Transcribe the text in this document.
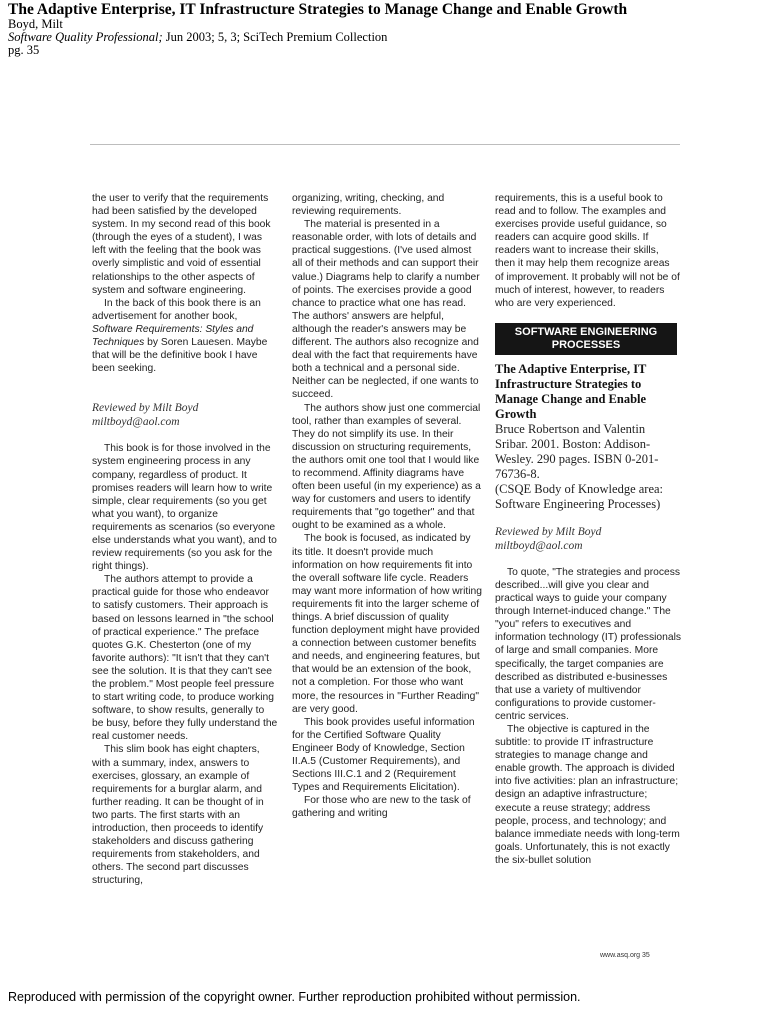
The Adaptive Enterprise, IT Infrastructure Strategies to Manage Change and Enable Growth
Boyd, Milt
Software Quality Professional; Jun 2003; 5, 3; SciTech Premium Collection
pg. 35

the user to verify that the requirements had been satisfied by the developed system. In my second read of this book (through the eyes of a student), I was left with the feeling that the book was overly simplistic and void of essential relationships to the other aspects of system and software engineering.

In the back of this book there is an advertisement for another book, Software Requirements: Styles and Techniques by Soren Lauesen. Maybe that will be the definitive book I have been seeking.

Reviewed by Milt Boyd
miltboyd@aol.com

This book is for those involved in the system engineering process in any company, regardless of product. It promises readers will learn how to write simple, clear requirements (so you get what you want), to organize requirements as scenarios (so everyone else understands what you want), and to review requirements (so you ask for the right things).

The authors attempt to provide a practical guide for those who endeavor to satisfy customers. Their approach is based on lessons learned in "the school of practical experience." The preface quotes G.K. Chesterton (one of my favorite authors): "It isn't that they can't see the solution. It is that they can't see the problem." Most people feel pressure to start writing code, to produce working software, to show results, generally to be busy, before they fully understand the real customer needs.

This slim book has eight chapters, with a summary, index, answers to exercises, glossary, an example of requirements for a burglar alarm, and further reading. It can be thought of in two parts. The first starts with an introduction, then proceeds to identify stakeholders and discuss gathering requirements from stakeholders, and others. The second part discusses structuring,

organizing, writing, checking, and reviewing requirements.

The material is presented in a reasonable order, with lots of details and practical suggestions. (I've used almost all of their methods and can support their value.) Diagrams help to clarify a number of points. The exercises provide a good chance to practice what one has read. The authors' answers are helpful, although the reader's answers may be different. The authors also recognize and deal with the fact that requirements have both a technical and a personal side. Neither can be neglected, if one wants to succeed.

The authors show just one commercial tool, rather than examples of several. They do not simplify its use. In their discussion on structuring requirements, the authors omit one tool that I would like to recommend. Affinity diagrams have often been useful (in my experience) as a way for customers and users to identify requirements that "go together" and that ought to be examined as a whole.

The book is focused, as indicated by its title. It doesn't provide much information on how requirements fit into the overall software life cycle. Readers may want more information of how writing requirements fit into the larger scheme of things. A brief discussion of quality function deployment might have provided a connection between customer benefits and needs, and engineering features, but that would be an extension of the book, not a completion. For those who want more, the resources in "Further Reading" are very good.

This book provides useful information for the Certified Software Quality Engineer Body of Knowledge, Section II.A.5 (Customer Requirements), and Sections III.C.1 and 2 (Requirement Types and Requirements Elicitation).

For those who are new to the task of gathering and writing

requirements, this is a useful book to read and to follow. The examples and exercises provide useful guidance, so readers can acquire good skills. If readers want to increase their skills, then it may help them recognize areas of improvement. It probably will not be of much of interest, however, to readers who are very experienced.

SOFTWARE ENGINEERING PROCESSES
The Adaptive Enterprise, IT Infrastructure Strategies to Manage Change and Enable Growth
Bruce Robertson and Valentin Sribar. 2001. Boston: Addison-Wesley. 290 pages. ISBN 0-201-76736-8.
(CSQE Body of Knowledge area: Software Engineering Processes)
Reviewed by Milt Boyd
miltboyd@aol.com

To quote, "The strategies and process described...will give you clear and practical ways to guide your company through Internet-induced change." The "you" refers to executives and information technology (IT) professionals of large and small companies. More specifically, the target companies are described as distributed e-businesses that use a variety of multivendor configurations to provide customer-centric services.

The objective is captured in the subtitle: to provide IT infrastructure strategies to manage change and enable growth. The approach is divided into five activities: plan an infrastructure; design an adaptive infrastructure; execute a reuse strategy; address people, process, and technology; and balance immediate needs with long-term goals. Unfortunately, this is not exactly the six-bullet solution

www.asq.org 35
Reproduced with permission of the copyright owner. Further reproduction prohibited without permission.
